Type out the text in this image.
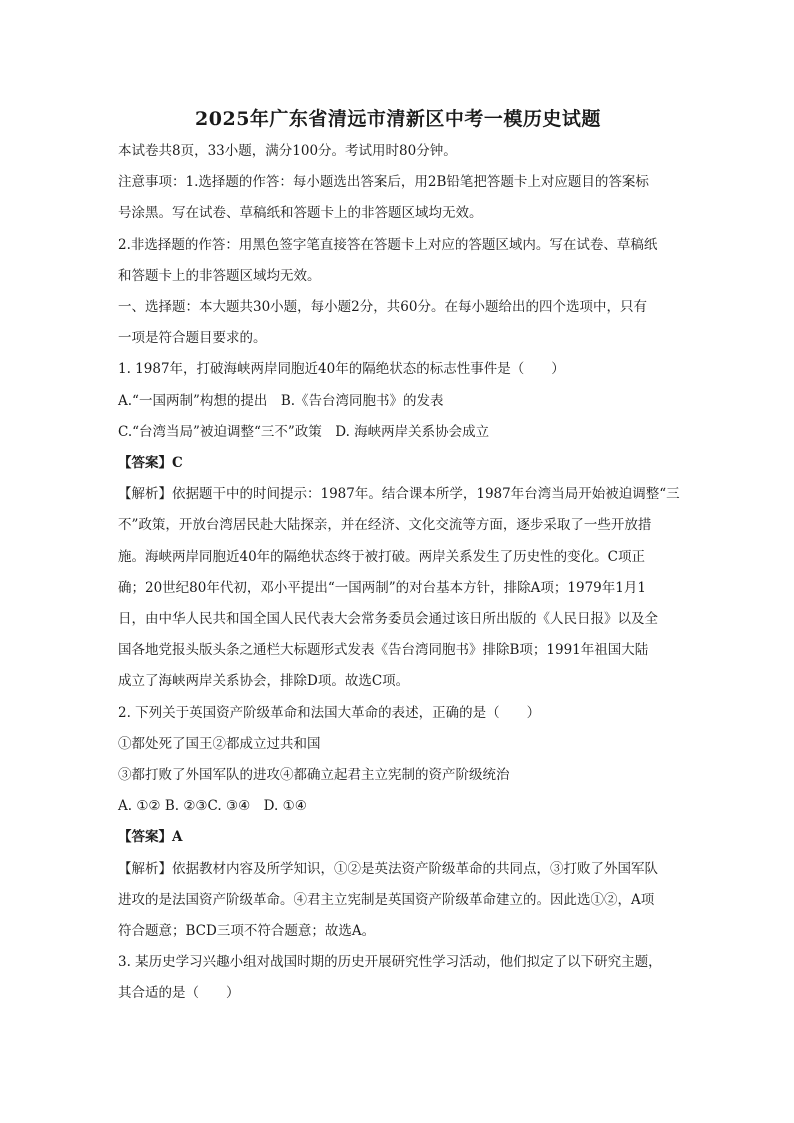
2025年广东省清远市清新区中考一模历史试题

本试卷共8页，33小题，满分100分。考试用时80分钟。

注意事项：1.选择题的作答：每小题选出答案后，用2B铅笔把答题卡上对应题目的答案标

号涂黑。写在试卷、草稿纸和答题卡上的非答题区域均无效。

2.非选择题的作答：用黑色签字笔直接答在答题卡上对应的答题区域内。写在试卷、草稿纸

和答题卡上的非答题区域均无效。

一、选择题：本大题共30小题，每小题2分，共60分。在每小题给出的四个选项中，只有

一项是符合题目要求的。

1. 1987年，打破海峡两岸同胞近40年的隔绝状态的标志性事件是（　　）

A.“一国两制”构想的提出　B.《告台湾同胞书》的发表

C.“台湾当局”被迫调整“三不”政策　D. 海峡两岸关系协会成立

【答案】C

【解析】依据题干中的时间提示：1987年。结合课本所学，1987年台湾当局开始被迫调整“三

不”政策，开放台湾居民赴大陆探亲，并在经济、文化交流等方面，逐步采取了一些开放措

施。海峡两岸同胞近40年的隔绝状态终于被打破。两岸关系发生了历史性的变化。C项正

确；20世纪80年代初，邓小平提出“一国两制”的对台基本方针，排除A项；1979年1月1

日，由中华人民共和国全国人民代表大会常务委员会通过该日所出版的《人民日报》以及全

国各地党报头版头条之通栏大标题形式发表《告台湾同胞书》排除B项；1991年祖国大陆

成立了海峡两岸关系协会，排除D项。故选C项。

2. 下列关于英国资产阶级革命和法国大革命的表述，正确的是（　　）

①都处死了国王②都成立过共和国

③都打败了外国军队的进攻④都确立起君主立宪制的资产阶级统治

A. ①② B. ②③C. ③④　D. ①④

【答案】A

【解析】依据教材内容及所学知识，①②是英法资产阶级革命的共同点，③打败了外国军队

进攻的是法国资产阶级革命。④君主立宪制是英国资产阶级革命建立的。因此选①②，A项

符合题意；BCD三项不符合题意；故选A。

3. 某历史学习兴趣小组对战国时期的历史开展研究性学习活动，他们拟定了以下研究主题，

其合适的是（　　）
